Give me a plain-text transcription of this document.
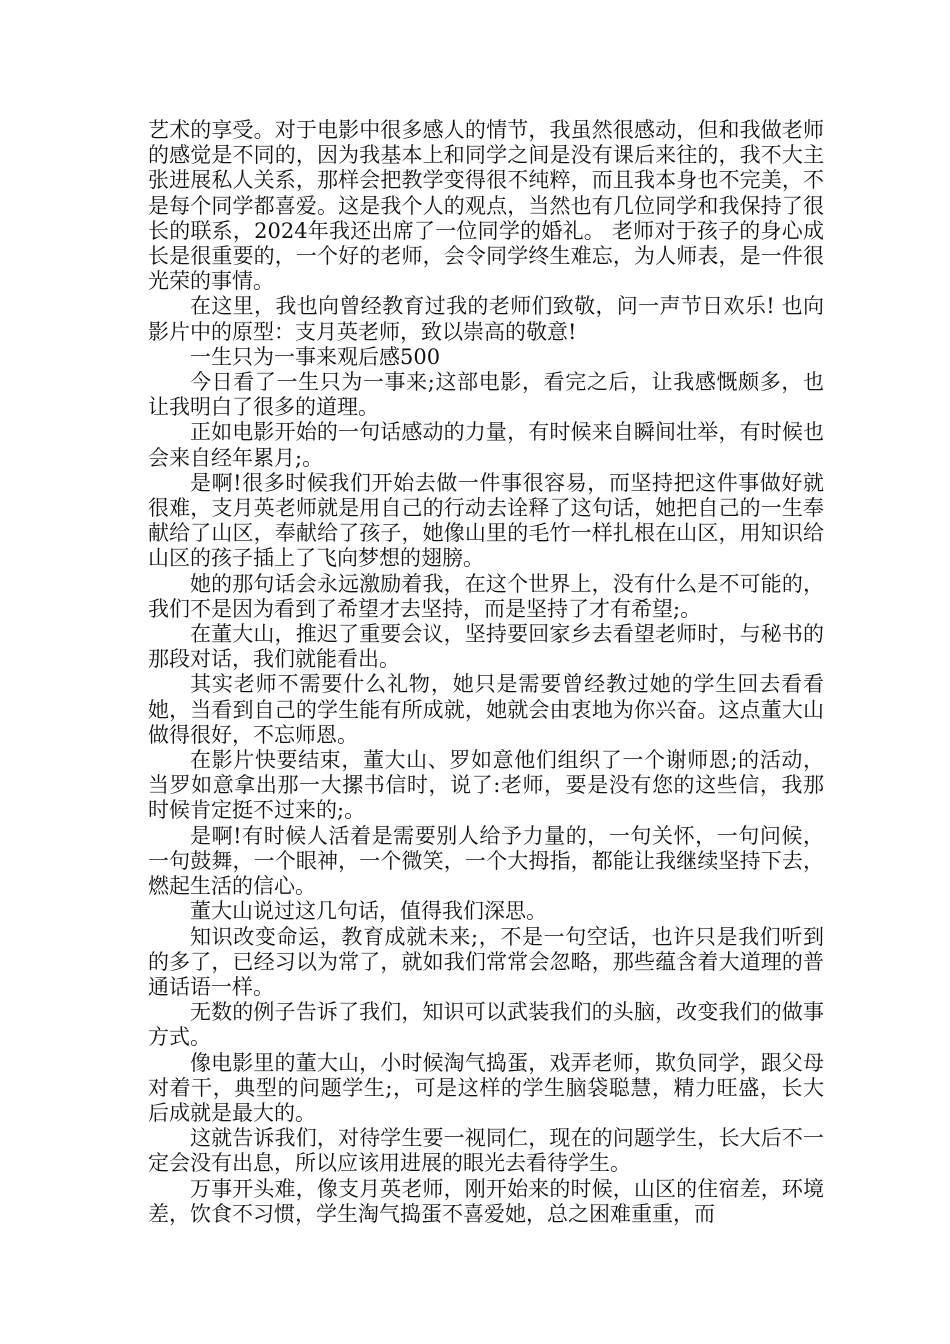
艺术的享受。对于电影中很多感人的情节，我虽然很感动，但和我做老师的感觉是不同的，因为我基本上和同学之间是没有课后来往的，我不大主张进展私人关系，那样会把教学变得很不纯粹，而且我本身也不完美，不是每个同学都喜爱。这是我个人的观点，当然也有几位同学和我保持了很长的联系，2024年我还出席了一位同学的婚礼。 老师对于孩子的身心成长是很重要的，一个好的老师，会令同学终生难忘，为人师表，是一件很光荣的事情。

在这里，我也向曾经教育过我的老师们致敬，问一声节日欢乐! 也向影片中的原型：支月英老师，致以崇高的敬意!

一生只为一事来观后感500

今日看了一生只为一事来;这部电影，看完之后，让我感慨颇多，也让我明白了很多的道理。

正如电影开始的一句话感动的力量，有时候来自瞬间壮举，有时候也会来自经年累月;。

是啊!很多时候我们开始去做一件事很容易，而坚持把这件事做好就很难，支月英老师就是用自己的行动去诠释了这句话，她把自己的一生奉献给了山区，奉献给了孩子，她像山里的毛竹一样扎根在山区，用知识给山区的孩子插上了飞向梦想的翅膀。

她的那句话会永远激励着我，在这个世界上，没有什么是不可能的，我们不是因为看到了希望才去坚持，而是坚持了才有希望;。

在董大山，推迟了重要会议，坚持要回家乡去看望老师时，与秘书的那段对话，我们就能看出。

其实老师不需要什么礼物，她只是需要曾经教过她的学生回去看看她，当看到自己的学生能有所成就，她就会由衷地为你兴奋。这点董大山做得很好，不忘师恩。

在影片快要结束，董大山、罗如意他们组织了一个谢师恩;的活动，当罗如意拿出那一大摞书信时，说了:老师，要是没有您的这些信，我那时候肯定挺不过来的;。

是啊!有时候人活着是需要别人给予力量的，一句关怀，一句问候，一句鼓舞，一个眼神，一个微笑，一个大拇指，都能让我继续坚持下去，燃起生活的信心。

董大山说过这几句话，值得我们深思。

知识改变命运，教育成就未来;，不是一句空话，也许只是我们听到的多了，已经习以为常了，就如我们常常会忽略，那些蕴含着大道理的普通话语一样。

无数的例子告诉了我们，知识可以武装我们的头脑，改变我们的做事方式。

像电影里的董大山，小时候淘气捣蛋，戏弄老师，欺负同学，跟父母对着干，典型的问题学生;，可是这样的学生脑袋聪慧，精力旺盛，长大后成就是最大的。

这就告诉我们，对待学生要一视同仁，现在的问题学生，长大后不一定会没有出息，所以应该用进展的眼光去看待学生。

万事开头难，像支月英老师，刚开始来的时候，山区的住宿差，环境差，饮食不习惯，学生淘气捣蛋不喜爱她，总之困难重重，而
